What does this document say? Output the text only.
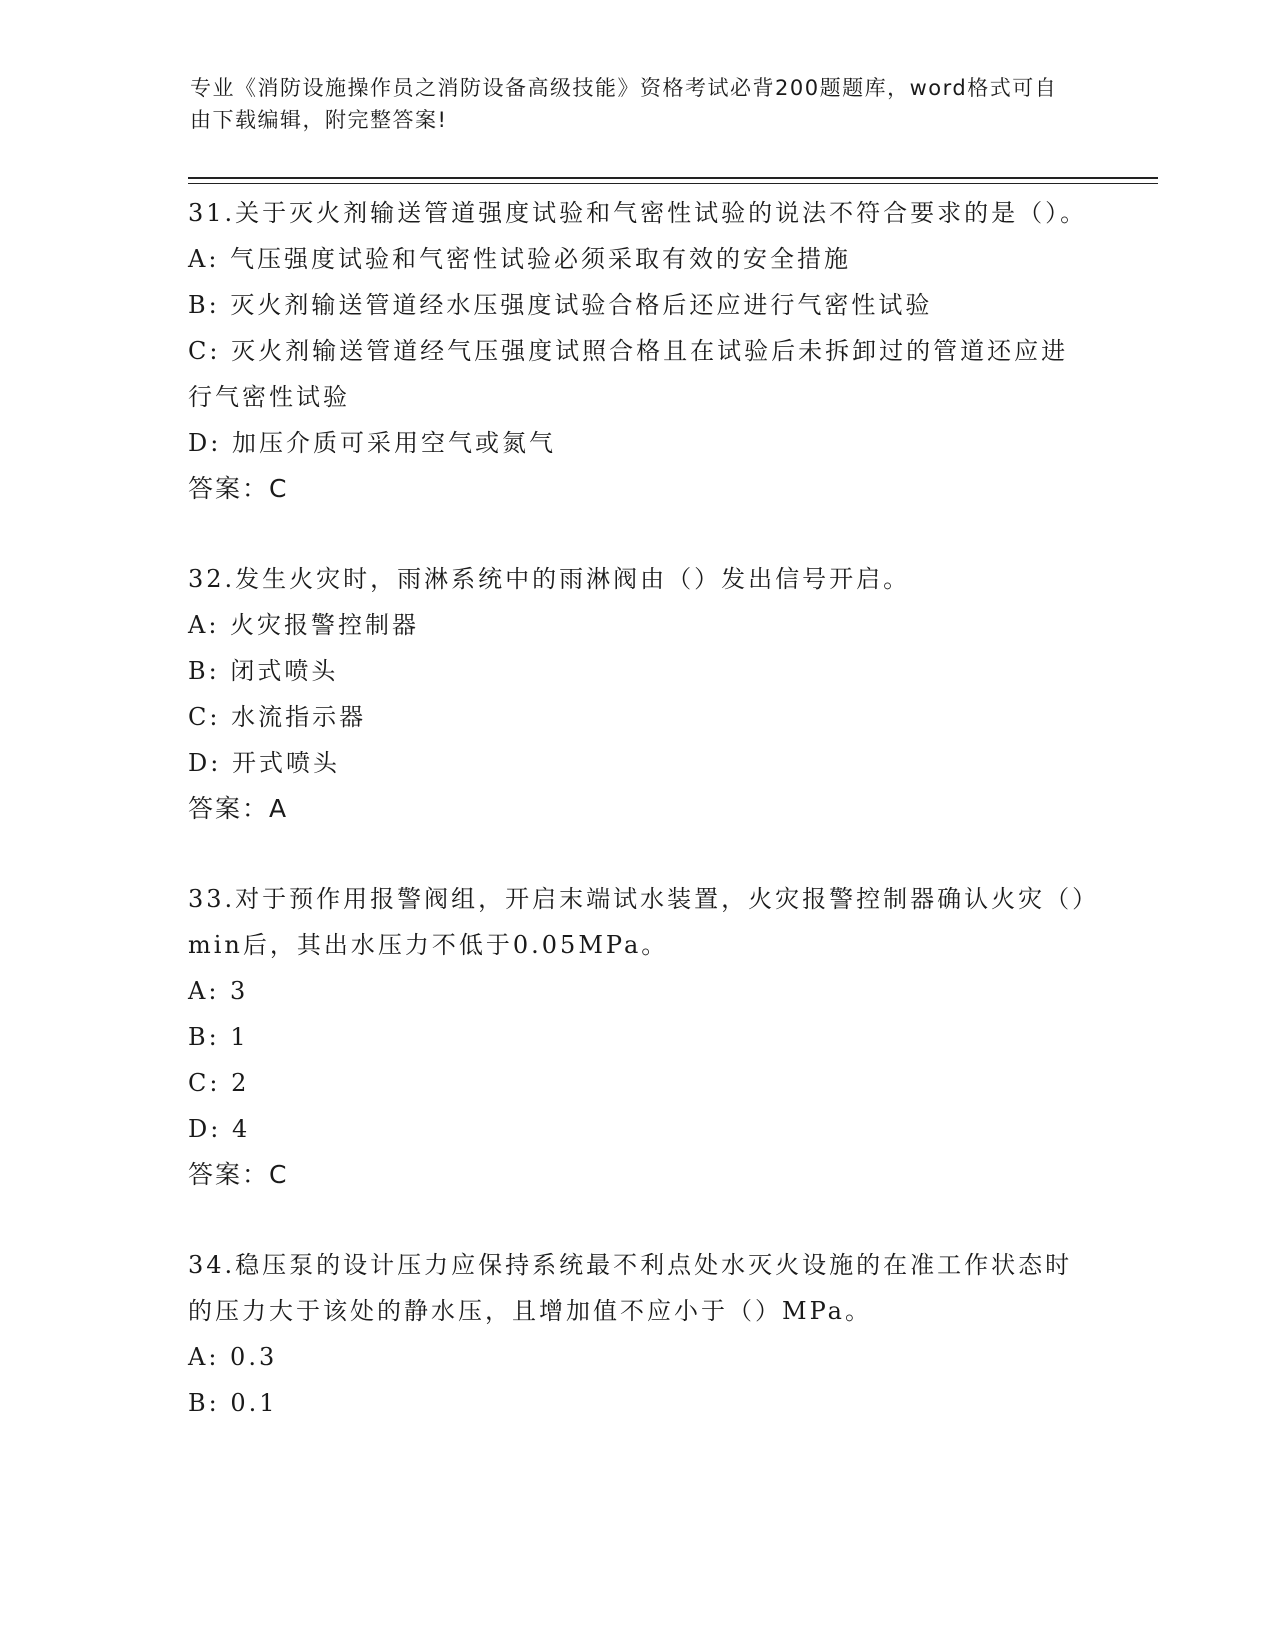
专业《消防设施操作员之消防设备高级技能》资格考试必背200题题库，word格式可自由下载编辑，附完整答案!
31.关于灭火剂输送管道强度试验和气密性试验的说法不符合要求的是（）。
A: 气压强度试验和气密性试验必须采取有效的安全措施
B: 灭火剂输送管道经水压强度试验合格后还应进行气密性试验
C: 灭火剂输送管道经气压强度试照合格且在试验后未拆卸过的管道还应进行气密性试验
D: 加压介质可采用空气或氮气
答案：C
32.发生火灾时，雨淋系统中的雨淋阀由（）发出信号开启。
A: 火灾报警控制器
B: 闭式喷头
C: 水流指示器
D: 开式喷头
答案：A
33.对于预作用报警阀组，开启末端试水装置，火灾报警控制器确认火灾（）min后，其出水压力不低于0.05MPa。
A: 3
B: 1
C: 2
D: 4
答案：C
34.稳压泵的设计压力应保持系统最不利点处水灭火设施的在准工作状态时的压力大于该处的静水压，且增加值不应小于（）MPa。
A: 0.3
B: 0.1
